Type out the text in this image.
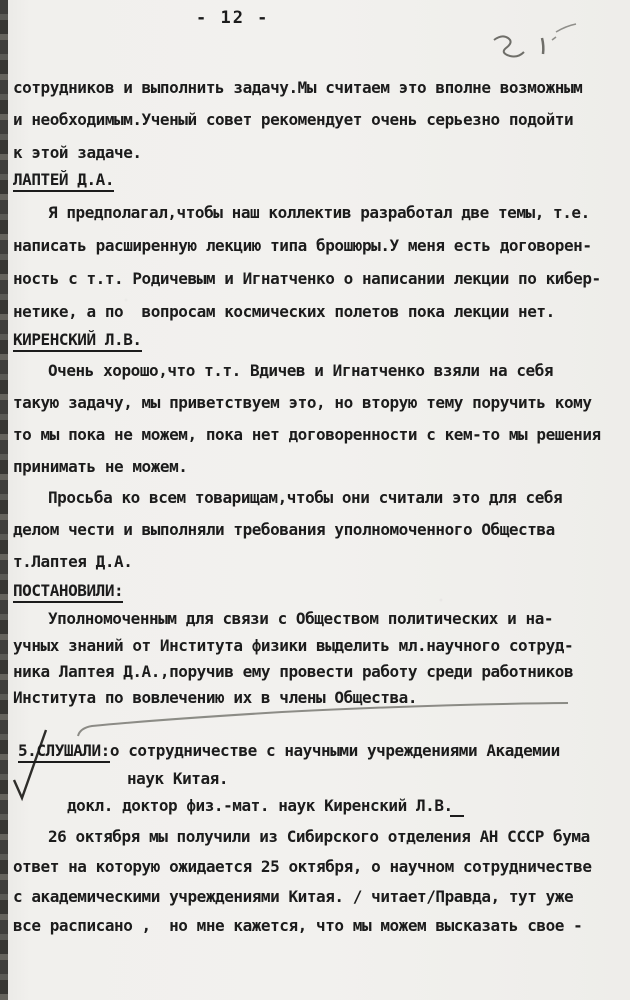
- 12 -
сотрудников и выполнить задачу.Мы считаем это вполне возможным
и необходимым.Ученый совет рекомендует очень серьезно подойти
к этой задаче.
ЛАПТЕЙ Д.А.
Я предполагал,чтобы наш коллектив разработал две темы, т.е.
написать расширенную лекцию типа брошюры.У меня есть договорен-
ность с т.т. Родичевым и Игнатченко о написании лекции по кибер-
нетике, а по  вопросам космических полетов пока лекции нет.
КИРЕНСКИЙ Л.В.
Очень хорошо,что т.т. Вдичев и Игнатченко взяли на себя
такую задачу, мы приветствуем это, но вторую тему поручить кому
то мы пока не можем, пока нет договоренности с кем-то мы решения
принимать не можем.
Просьба ко всем товарищам,чтобы они считали это для себя
делом чести и выполняли требования уполномоченного Общества
т.Лаптея Д.А.
ПОСТАНОВИЛИ:
Уполномоченным для связи с Обществом политических и на-
учных знаний от Института физики выделить мл.научного сотруд-
ника Лаптея Д.А.,поручив ему провести работу среди работников
Института по вовлечению их в члены Общества.
5.СЛУШАЛИ:о сотрудничестве с научными учреждениями Академии
наук Китая.
докл. доктор физ.-мат. наук Киренский Л.В.
26 октября мы получили из Сибирского отделения АН СССР бума
ответ на которую ожидается 25 октября, о научном сотрудничестве
с академическими учреждениями Китая. / читает/Правда, тут уже
все расписано ,  но мне кажется, что мы можем высказать свое -
